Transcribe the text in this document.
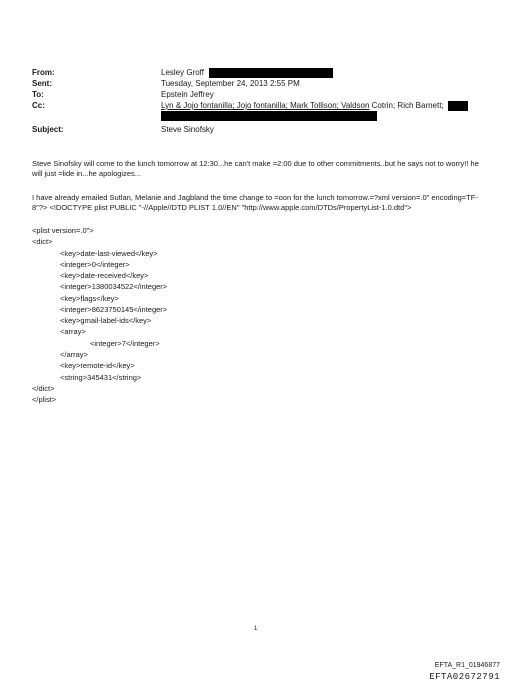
From:	Lesley Groff
Sent:	Tuesday, September 24, 2013 2:55 PM
To:	Epstein Jeffrey
Cc:	Lyn & Jojo fontanilla; Jojo fontanilla; Mark Tollison; Valdson Cotrin; Rich Barnett;
Subject:	Steve Sinofsky
Steve Sinofsky will come to the lunch tomorrow at 12:30...he can't make =2:00 due to other commitments..but he says not to worry!! he will just =lide in...he apologizes...
I have already emailed Sutlan, Melanie and Jagbland the time change to =oon for the lunch tomorrow.=?xml version=.0" encoding=TF-8"?> <!DOCTYPE plist PUBLIC "-//Apple//DTD PLIST 1.0//EN" "http://www.apple.com/DTDs/PropertyList-1.0.dtd">
<plist version=.0">
<dict>
<key>date-last-viewed</key>
<integer>0</integer>
<key>date-received</key>
<integer>1380034522</integer>
<key>flags</key>
<integer>8623750145</integer>
<key>gmail-label-ids</key>
<array>
<integer>7</integer>
</array>
<key>remote-id</key>
<string>345431</string>
</dict>
</plist>
1
EFTA_R1_01946877
EFTA02672791
